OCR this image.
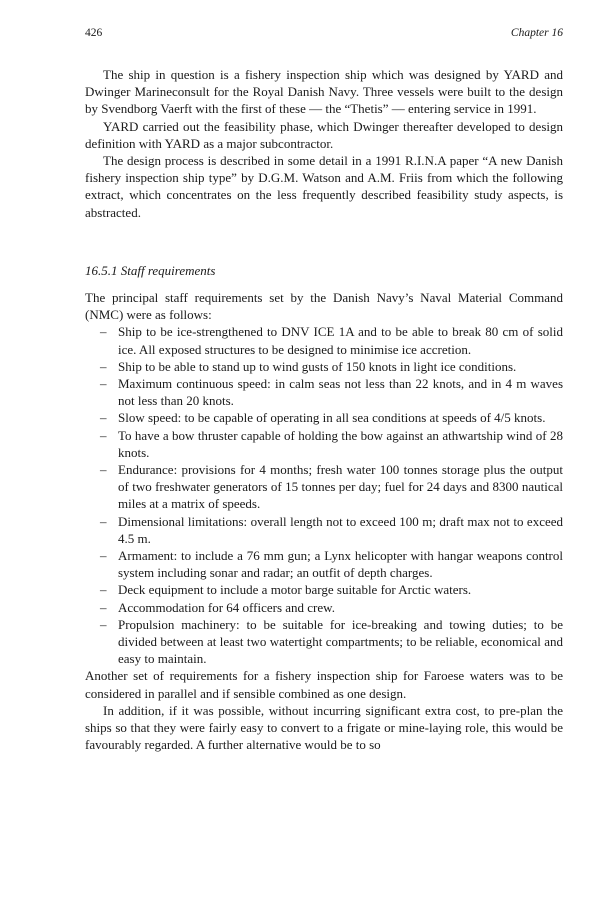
426	Chapter 16

The ship in question is a fishery inspection ship which was designed by YARD and Dwinger Marineconsult for the Royal Danish Navy. Three vessels were built to the design by Svendborg Vaerft with the first of these — the “Thetis” — entering service in 1991.

YARD carried out the feasibility phase, which Dwinger thereafter developed to design definition with YARD as a major subcontractor.

The design process is described in some detail in a 1991 R.I.N.A paper “A new Danish fishery inspection ship type” by D.G.M. Watson and A.M. Friis from which the following extract, which concentrates on the less frequently described feasibility study aspects, is abstracted.

16.5.1 Staff requirements

The principal staff requirements set by the Danish Navy’s Naval Material Command (NMC) were as follows:

– Ship to be ice-strengthened to DNV ICE 1A and to be able to break 80 cm of solid ice. All exposed structures to be designed to minimise ice accretion.
– Ship to be able to stand up to wind gusts of 150 knots in light ice conditions.
– Maximum continuous speed: in calm seas not less than 22 knots, and in 4 m waves not less than 20 knots.
– Slow speed: to be capable of operating in all sea conditions at speeds of 4/5 knots.
– To have a bow thruster capable of holding the bow against an athwartship wind of 28 knots.
– Endurance: provisions for 4 months; fresh water 100 tonnes storage plus the output of two freshwater generators of 15 tonnes per day; fuel for 24 days and 8300 nautical miles at a matrix of speeds.
– Dimensional limitations: overall length not to exceed 100 m; draft max not to exceed 4.5 m.
– Armament: to include a 76 mm gun; a Lynx helicopter with hangar weapons control system including sonar and radar; an outfit of depth charges.
– Deck equipment to include a motor barge suitable for Arctic waters.
– Accommodation for 64 officers and crew.
– Propulsion machinery: to be suitable for ice-breaking and towing duties; to be divided between at least two watertight compartments; to be reliable, economical and easy to maintain.

Another set of requirements for a fishery inspection ship for Faroese waters was to be considered in parallel and if sensible combined as one design.

In addition, if it was possible, without incurring significant extra cost, to pre-plan the ships so that they were fairly easy to convert to a frigate or mine-laying role, this would be favourably regarded. A further alternative would be to so
